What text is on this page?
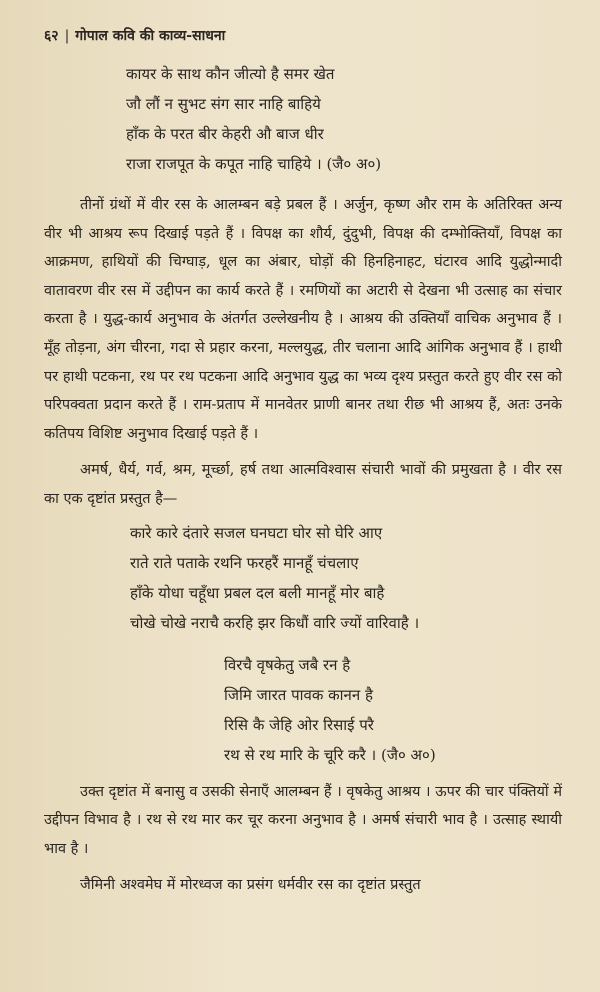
६२ | गोपाल कवि की काव्य-साधना
कायर के साथ कौन जीत्यो है समर खेत
जौ लौं न सुभट संग सार नाहि बाहिये
हाँक के परत बीर केहरी औ बाज धीर
राजा राजपूत के कपूत नाहि चाहिये । (जै० अ०)

तीनों ग्रंथों में वीर रस के आलम्बन बड़े प्रबल हैं । अर्जुन, कृष्ण और राम के अतिरिक्त अन्य वीर भी आश्रय रूप दिखाई पड़ते हैं । विपक्ष का शौर्य, दुंदुभी, विपक्ष की दम्भोक्तियाँ, विपक्ष का आक्रमण, हाथियों की चिग्घाड़, धूल का अंबार, घोड़ों की हिनहिनाहट, घंटारव आदि युद्धोन्मादी वातावरण वीर रस में उद्दीपन का कार्य करते हैं । रमणियों का अटारी से देखना भी उत्साह का संचार करता है । युद्ध-कार्य अनुभाव के अंतर्गत उल्लेखनीय है । आश्रय की उक्तियाँ वाचिक अनुभाव हैं । मूँह तोड़ना, अंग चीरना, गदा से प्रहार करना, मल्लयुद्ध, तीर चलाना आदि आंगिक अनुभाव हैं । हाथी पर हाथी पटकना, रथ पर रथ पटकना आदि अनुभाव युद्ध का भव्य दृश्य प्रस्तुत करते हुए वीर रस को परिपक्वता प्रदान करते हैं । राम-प्रताप में मानवेतर प्राणी बानर तथा रीछ भी आश्रय हैं, अतः उनके कतिपय विशिष्ट अनुभाव दिखाई पड़ते हैं ।

अमर्ष, धैर्य, गर्व, श्रम, मूर्च्छा, हर्ष तथा आत्मविश्वास संचारी भावों की प्रमुखता है । वीर रस का एक दृष्टांत प्रस्तुत है—

कारे कारे दंतारे सजल घनघटा घोर सो घेरि आए
राते राते पताके रथनि फरहरैं मानहूँ चंचलाए
हाँके योधा चहूँधा प्रबल दल बली मानहूँ मोर बाहै
चोखे चोखे नराचै करहि झर किधौं वारि ज्यों वारिवाहै ।
विरचै वृषकेतु जबै रन है
जिमि जारत पावक कानन है
रिसि कै जेहि ओर रिसाई परै
रथ से रथ मारि के चूरि करै । (जै० अ०)

उक्त दृष्टांत में बनासु व उसकी सेनाएँ आलम्बन हैं । वृषकेतु आश्रय । ऊपर की चार पंक्तियों में उद्दीपन विभाव है । रथ से रथ मार कर चूर करना अनुभाव है । अमर्ष संचारी भाव है । उत्साह स्थायी भाव है ।

जैमिनी अश्वमेघ में मोरध्वज का प्रसंग धर्मवीर रस का दृष्टांत प्रस्तुत
